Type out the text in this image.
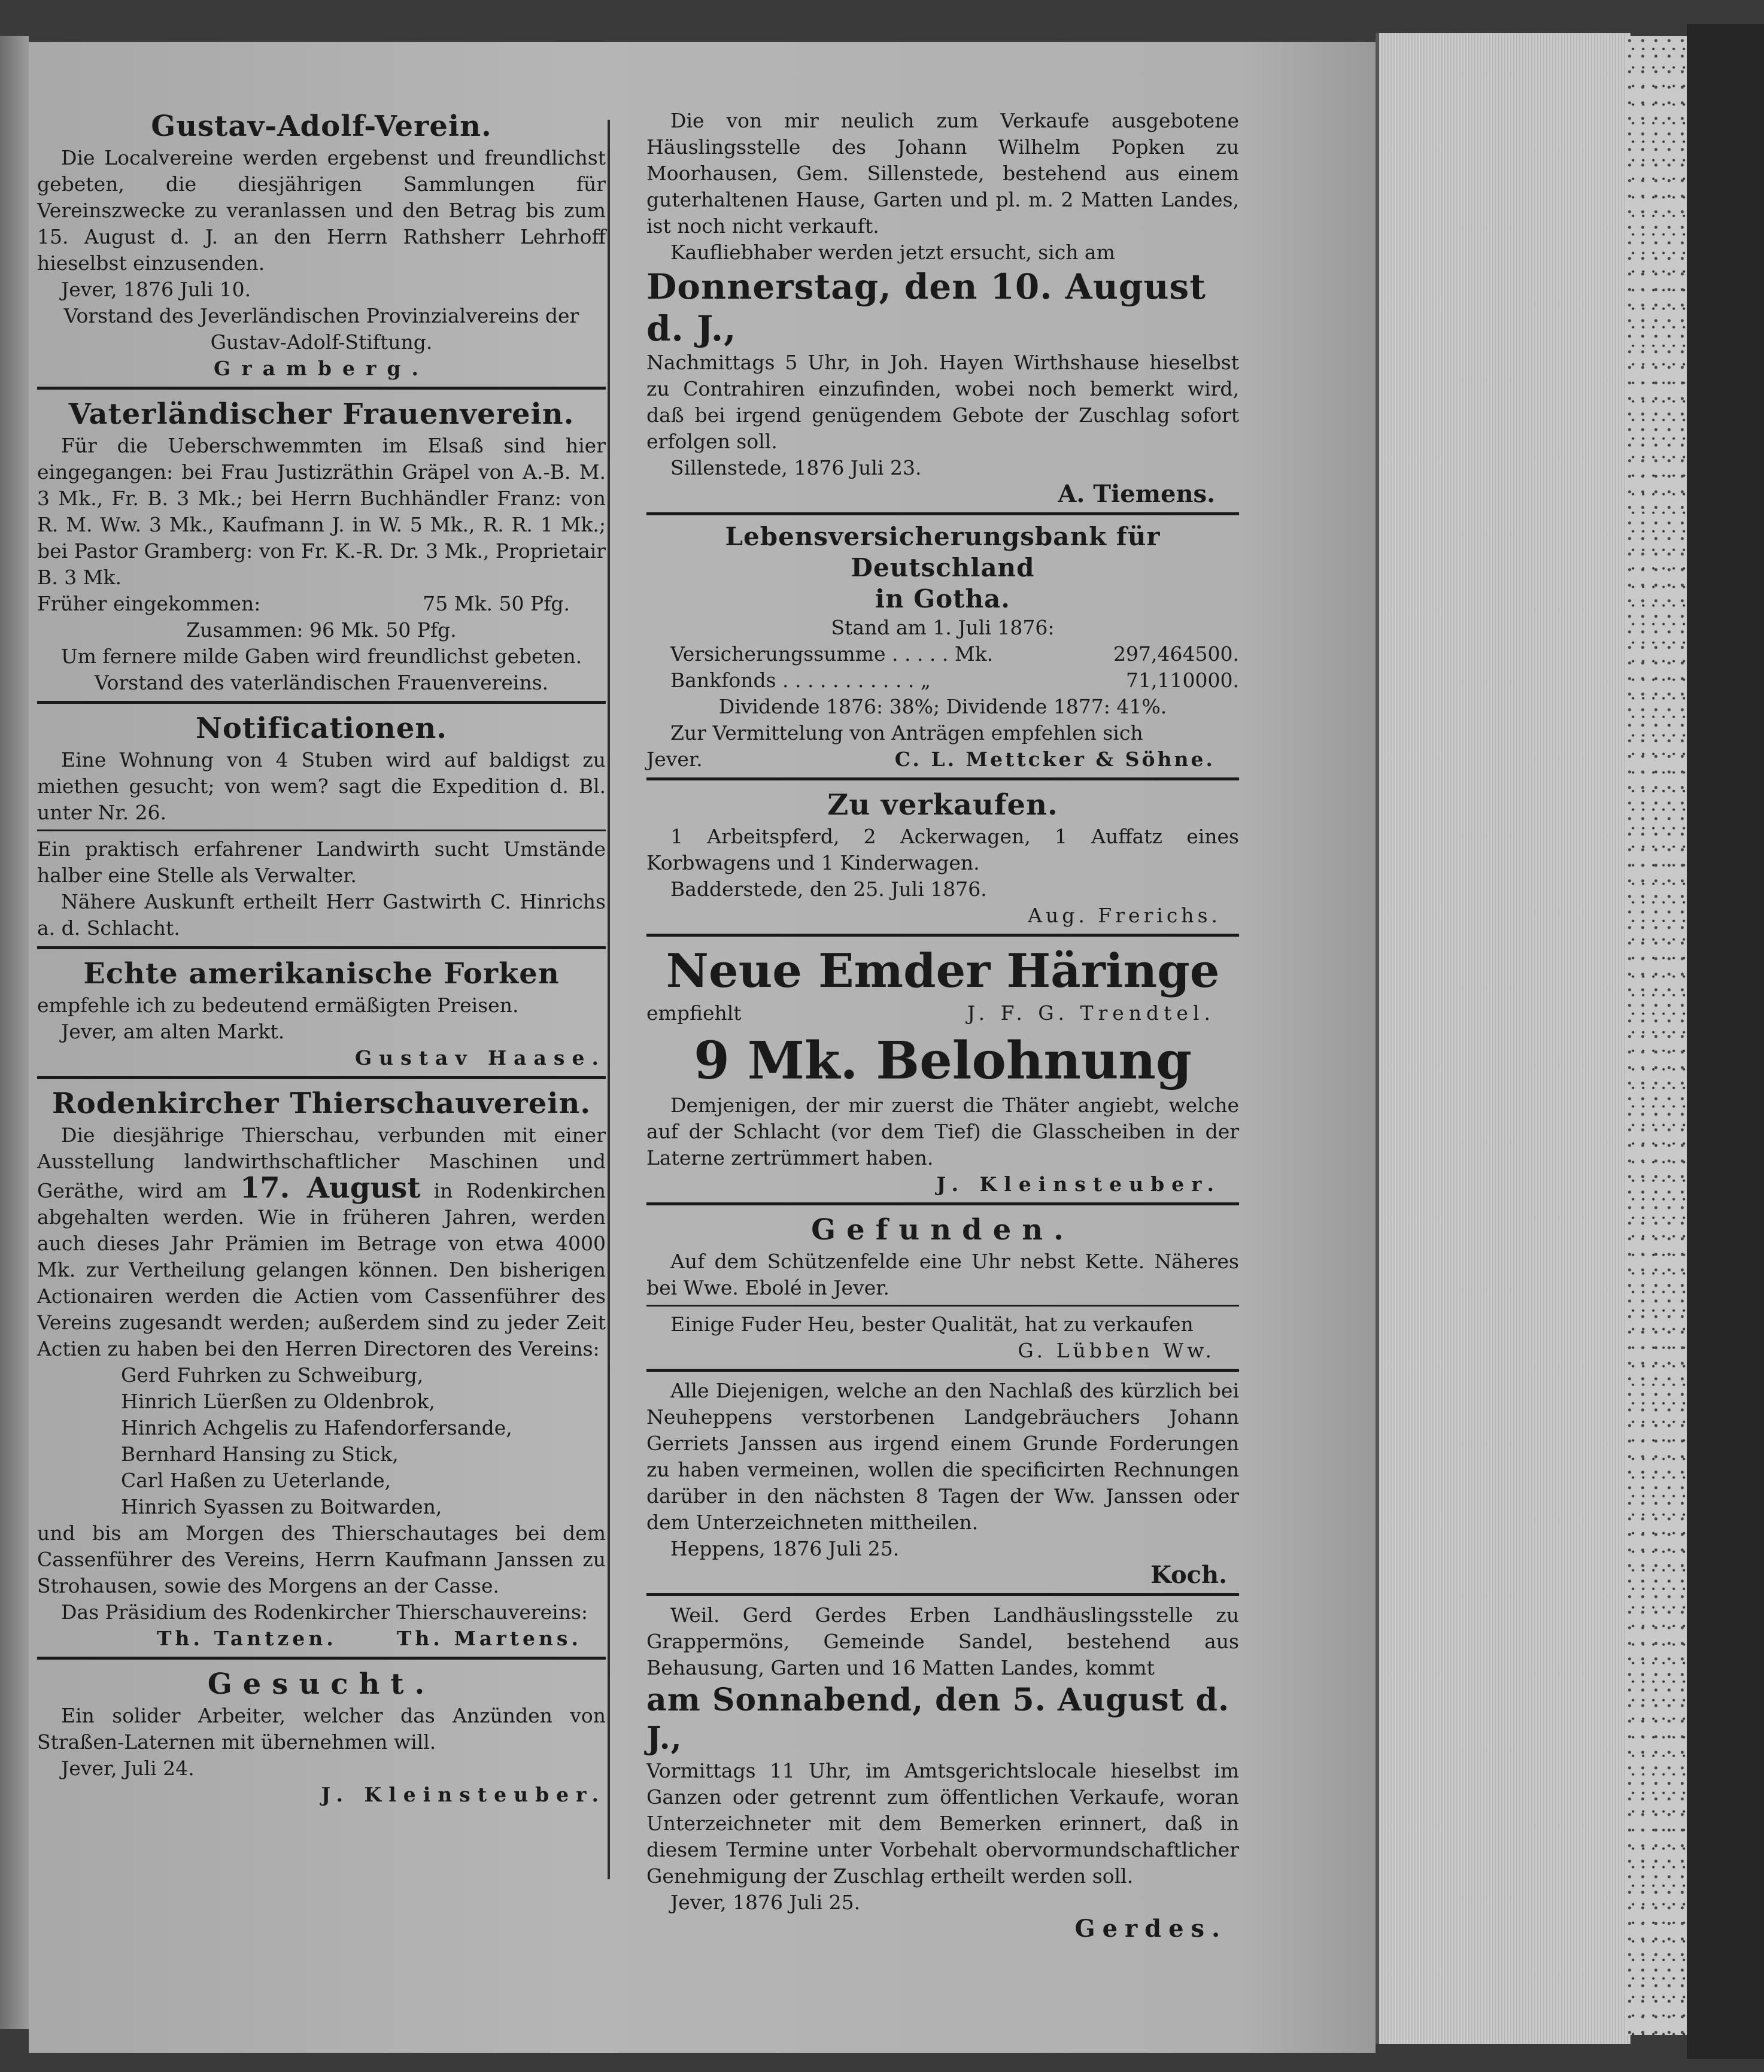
Gustav-Adolf-Verein.

Die Localvereine werden ergebenst und freundlichst gebeten, die diesjährigen Sammlungen für Vereinszwecke zu veranlassen und den Betrag bis zum 15. August d. J. an den Herrn Rathsherr Lehrhoff hieselbst einzusenden.

Jever, 1876 Juli 10.

Vorstand des Jeverländischen Provinzialvereins der Gustav-Adolf-Stiftung.

Gramberg.

Vaterländischer Frauenverein.

Für die Ueberschwemmten im Elsaß sind hier eingegangen: bei Frau Justizräthin Gräpel von A.-B. M. 3 Mk., Fr. B. 3 Mk.; bei Herrn Buchhändler Franz: von R. M. Ww. 3 Mk., Kaufmann J. in W. 5 Mk., R. R. 1 Mk.; bei Pastor Gramberg: von Fr. K.-R. Dr. 3 Mk., Proprietair B. 3 Mk.

Früher eingekommen:	75 Mk. 50 Pfg.

Zusammen: 96 Mk. 50 Pfg.

Um fernere milde Gaben wird freundlichst gebeten.

Vorstand des vaterländischen Frauenvereins.

Notificationen.

Eine Wohnung von 4 Stuben wird auf baldigst zu miethen gesucht; von wem? sagt die Expedition d. Bl. unter Nr. 26.

Ein praktisch erfahrener Landwirth sucht Umstände halber eine Stelle als Verwalter.

Nähere Auskunft ertheilt Herr Gastwirth C. Hinrichs a. d. Schlacht.

Echte amerikanische Forken

empfehle ich zu bedeutend ermäßigten Preisen.

Jever, am alten Markt.

Gustav Haase.

Rodenkircher Thierschauverein.

Die diesjährige Thierschau, verbunden mit einer Ausstellung landwirthschaftlicher Maschinen und Geräthe, wird am 17. August in Rodenkirchen abgehalten werden. Wie in früheren Jahren, werden auch dieses Jahr Prämien im Betrage von etwa 4000 Mk. zur Vertheilung gelangen können. Den bisherigen Actionairen werden die Actien vom Cassenführer des Vereins zugesandt werden; außerdem sind zu jeder Zeit Actien zu haben bei den Herren Directoren des Vereins:

Gerd Fuhrken zu Schweiburg,

Hinrich Lüerßen zu Oldenbrok,

Hinrich Achgelis zu Hafendorfersande,

Bernhard Hansing zu Stick,

Carl Haßen zu Ueterlande,

Hinrich Syassen zu Boitwarden,

und bis am Morgen des Thierschautages bei dem Cassenführer des Vereins, Herrn Kaufmann Janssen zu Strohausen, sowie des Morgens an der Casse.

Das Präsidium des Rodenkircher Thierschauvereins:

Th. Tantzen.	Th. Martens.
Gesucht.

Ein solider Arbeiter, welcher das Anzünden von Straßen-Laternen mit übernehmen will.

Jever, Juli 24.

J. Kleinsteuber.

Die von mir neulich zum Verkaufe ausgebotene Häuslingsstelle des Johann Wilhelm Popken zu Moorhausen, Gem. Sillenstede, bestehend aus einem guterhaltenen Hause, Garten und pl. m. 2 Matten Landes, ist noch nicht verkauft.

Kaufliebhaber werden jetzt ersucht, sich am

Donnerstag, den 10. August d. J.,

Nachmittags 5 Uhr, in Joh. Hayen Wirthshause hieselbst zu Contrahiren einzufinden, wobei noch bemerkt wird, daß bei irgend genügendem Gebote der Zuschlag sofort erfolgen soll.

Sillenstede, 1876 Juli 23.

A. Tiemens.

Lebensversicherungsbank für Deutschland
in Gotha.

Stand am 1. Juli 1876:

Versicherungssumme . . . . . Mk.	297,464500.
Bankfonds . . . . . . . . . . . „	71,110000.

Dividende 1876: 38%; Dividende 1877: 41%.

Zur Vermittelung von Anträgen empfehlen sich

Jever.	C. L. Mettcker & Söhne.
Zu verkaufen.

1 Arbeitspferd, 2 Ackerwagen, 1 Auffatz eines Korbwagens und 1 Kinderwagen.

Badderstede, den 25. Juli 1876.

Aug. Frerichs.

Neue Emder Häringe
empfiehlt	J. F. G. Trendtel.
9 Mk. Belohnung

Demjenigen, der mir zuerst die Thäter angiebt, welche auf der Schlacht (vor dem Tief) die Glasscheiben in der Laterne zertrümmert haben.

J. Kleinsteuber.

Gefunden.

Auf dem Schützenfelde eine Uhr nebst Kette. Näheres bei Wwe. Ebolé in Jever.

Einige Fuder Heu, bester Qualität, hat zu verkaufen

G. Lübben Ww.

Alle Diejenigen, welche an den Nachlaß des kürzlich bei Neuheppens verstorbenen Landgebräuchers Johann Gerriets Janssen aus irgend einem Grunde Forderungen zu haben vermeinen, wollen die specificirten Rechnungen darüber in den nächsten 8 Tagen der Ww. Janssen oder dem Unterzeichneten mittheilen.

Heppens, 1876 Juli 25.

Koch.

Weil. Gerd Gerdes Erben Landhäuslingsstelle zu Grappermöns, Gemeinde Sandel, bestehend aus Behausung, Garten und 16 Matten Landes, kommt

am Sonnabend, den 5. August d. J.,

Vormittags 11 Uhr, im Amtsgerichtslocale hieselbst im Ganzen oder getrennt zum öffentlichen Verkaufe, woran Unterzeichneter mit dem Bemerken erinnert, daß in diesem Termine unter Vorbehalt obervormundschaftlicher Genehmigung der Zuschlag ertheilt werden soll.

Jever, 1876 Juli 25.

Gerdes.
